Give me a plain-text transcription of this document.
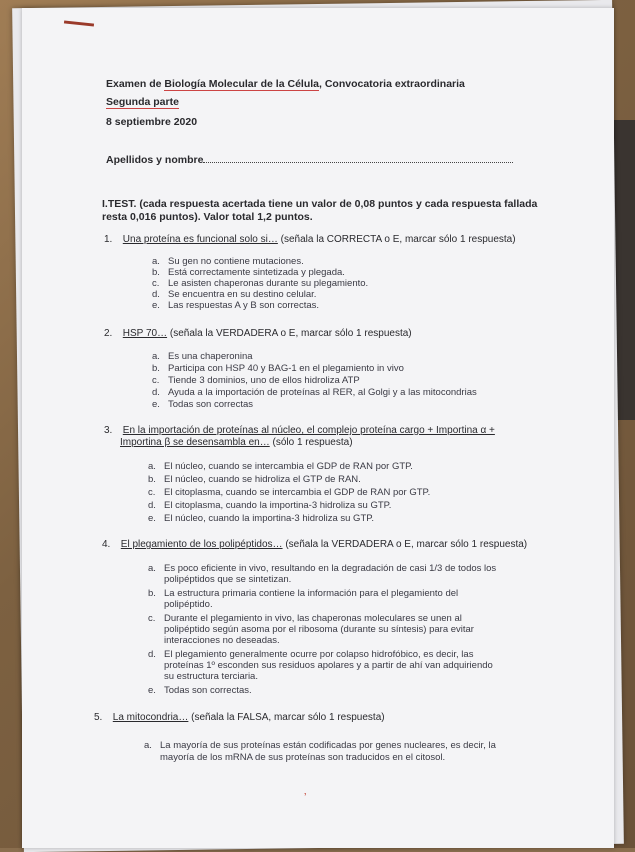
Examen de Biología Molecular de la Célula, Convocatoria extraordinaria

Segunda parte

8 septiembre 2020

Apellidos y nombre

I.TEST. (cada respuesta acertada tiene un valor de 0,08 puntos y cada respuesta fallada

resta 0,016 puntos). Valor total 1,2 puntos.

1. Una proteína es funcional solo si… (señala la CORRECTA o E, marcar sólo 1 respuesta)

a. Su gen no contiene mutaciones.

b. Está correctamente sintetizada y plegada.

c. Le asisten chaperonas durante su plegamiento.

d. Se encuentra en su destino celular.

e. Las respuestas A y B son correctas.

2. HSP 70… (señala la VERDADERA o E, marcar sólo 1 respuesta)

a. Es una chaperonina

b. Participa con HSP 40 y BAG-1 en el plegamiento in vivo

c. Tiende 3 dominios, uno de ellos hidroliza ATP

d. Ayuda a la importación de proteínas al RER, al Golgi y a las mitocondrias

e. Todas son correctas

3. En la importación de proteínas al núcleo, el complejo proteína cargo + Importina α +

Importina β se desensambla en… (sólo 1 respuesta)

a. El núcleo, cuando se intercambia el GDP de RAN por GTP.

b. El núcleo, cuando se hidroliza el GTP de RAN.

c. El citoplasma, cuando se intercambia el GDP de RAN por GTP.

d. El citoplasma, cuando la importina-3 hidroliza su GTP.

e. El núcleo, cuando la importina-3 hidroliza su GTP.

4. El plegamiento de los polipéptidos… (señala la VERDADERA o E, marcar sólo 1 respuesta)

a. Es poco eficiente in vivo, resultando en la degradación de casi 1/3 de todos los

polipéptidos que se sintetizan.

b. La estructura primaria contiene la información para el plegamiento del

polipéptido.

c. Durante el plegamiento in vivo, las chaperonas moleculares se unen al

polipéptido según asoma por el ribosoma (durante su síntesis) para evitar

interacciones no deseadas.

d. El plegamiento generalmente ocurre por colapso hidrofóbico, es decir, las

proteínas 1º esconden sus residuos apolares y a partir de ahí van adquiriendo

su estructura terciaria.

e. Todas son correctas.

5. La mitocondria… (señala la FALSA, marcar sólo 1 respuesta)

a. La mayoría de sus proteínas están codificadas por genes nucleares, es decir, la

mayoría de los mRNA de sus proteínas son traducidos en el citosol.

ʼ
